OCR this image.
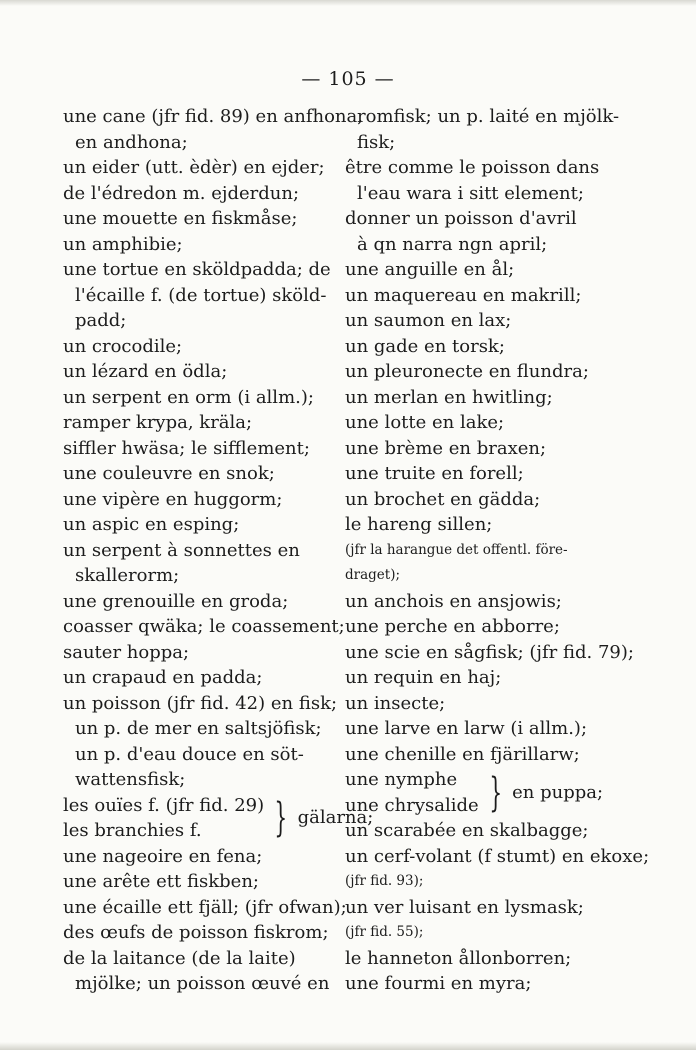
— 105 —
une cane (jfr fid. 89) en anfhona,
en andhona;
un eider (utt. èdèr) en ejder;
de l'édredon m. ejderdun;
une mouette en fiskmåse;
un amphibie;
une tortue en sköldpadda; de
l'écaille f. (de tortue) sköld-
padd;
un crocodile;
un lézard en ödla;
un serpent en orm (i allm.);
ramper krypa, kräla;
siffler hwäsa; le sifflement;
une couleuvre en snok;
une vipère en huggorm;
un aspic en esping;
un serpent à sonnettes en
skallerorm;
une grenouille en groda;
coasser qwäka; le coassement;
sauter hoppa;
un crapaud en padda;
un poisson (jfr fid. 42) en fisk;
un p. de mer en saltsjöfisk;
un p. d'eau douce en söt-
wattensfisk;
les ouïes f. (jfr fid. 29)
les branchies f.	} gälarna;
une nageoire en fena;
une arête ett fiskben;
une écaille ett fjäll; (jfr ofwan);
des œufs de poisson fiskrom;
de la laitance (de la laite)
mjölke; un poisson œuvé en
romfisk; un p. laité en mjölk-
fisk;
être comme le poisson dans
l'eau wara i sitt element;
donner un poisson d'avril
à qn narra ngn april;
une anguille en ål;
un maquereau en makrill;
un saumon en lax;
un gade en torsk;
un pleuronecte en flundra;
un merlan en hwitling;
une lotte en lake;
une brème en braxen;
une truite en forell;
un brochet en gädda;
le hareng sillen;
(jfr la harangue det offentl. före-
draget);
un anchois en ansjowis;
une perche en abborre;
une scie en sågfisk; (jfr fid. 79);
un requin en haj;
un insecte;
une larve en larw (i allm.);
une chenille en fjärillarw;
une nymphe
une chrysalide } en puppa;
un scarabée en skalbagge;
un cerf-volant (f stumt) en ekoxe;
(jfr fid. 93);
un ver luisant en lysmask;
(jfr fid. 55);
le hanneton ållonborren;
une fourmi en myra;
